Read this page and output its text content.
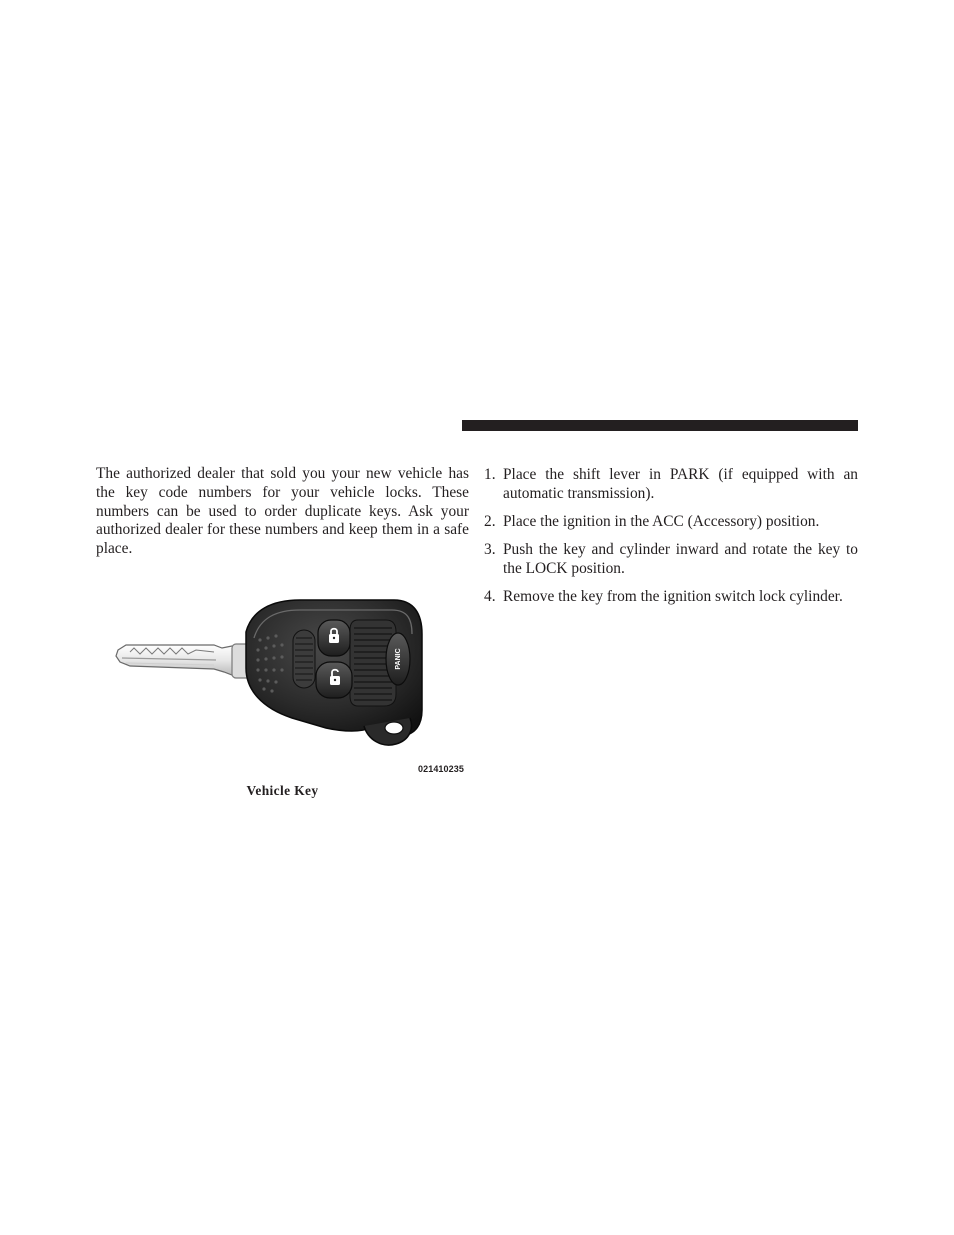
The authorized dealer that sold you your new vehicle has the key code numbers for your vehicle locks. These numbers can be used to order duplicate keys. Ask your authorized dealer for these numbers and keep them in a safe place.

PANIC
021410235
Vehicle Key
1. Place the shift lever in PARK (if equipped with an automatic transmission).
2. Place the ignition in the ACC (Accessory) position.
3. Push the key and cylinder inward and rotate the key to the LOCK position.
4. Remove the key from the ignition switch lock cylinder.
